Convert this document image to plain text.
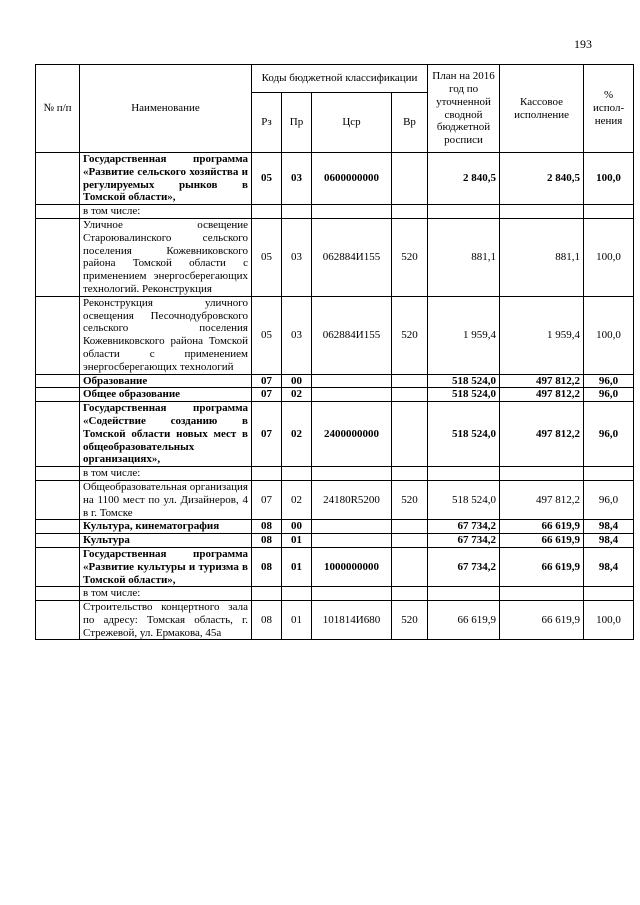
193
№ п/п	Наименование	Коды бюджетной классификации				План на 2016 год по уточненной сводной бюджетной росписи	Кассовое исполнение	% испол-нения
		Рз	Пр	Цср	Вр			
	Государственная программа «Развитие сельского хозяйства и регулируемых рынков в Томской области»,	05	03	0600000000		2 840,5	2 840,5	100,0
	в том числе:							
	Уличное освещение Староювалинского сельского поселения Кожевниковского района Томской области с применением энергосберегающих технологий. Реконструкция	05	03	062884И155	520	881,1	881,1	100,0
	Реконструкция уличного освещения Песочнодубровского сельского поселения Кожевниковского района Томской области с применением энергосберегающих технологий	05	03	062884И155	520	1 959,4	1 959,4	100,0
	Образование	07	00			518 524,0	497 812,2	96,0
	Общее образование	07	02			518 524,0	497 812,2	96,0
	Государственная программа «Содействие созданию в Томской области новых мест в общеобразовательных организациях»,	07	02	2400000000		518 524,0	497 812,2	96,0
	в том числе:							
	Общеобразовательная организация на 1100 мест по ул. Дизайнеров, 4 в г. Томске	07	02	24180R5200	520	518 524,0	497 812,2	96,0
	Культура, кинематография	08	00			67 734,2	66 619,9	98,4
	Культура	08	01			67 734,2	66 619,9	98,4
	Государственная программа «Развитие культуры и туризма в Томской области»,	08	01	1000000000		67 734,2	66 619,9	98,4
	в том числе:							
	Строительство концертного зала по адресу: Томская область, г. Стрежевой, ул. Ермакова, 45а	08	01	101814И680	520	66 619,9	66 619,9	100,0
